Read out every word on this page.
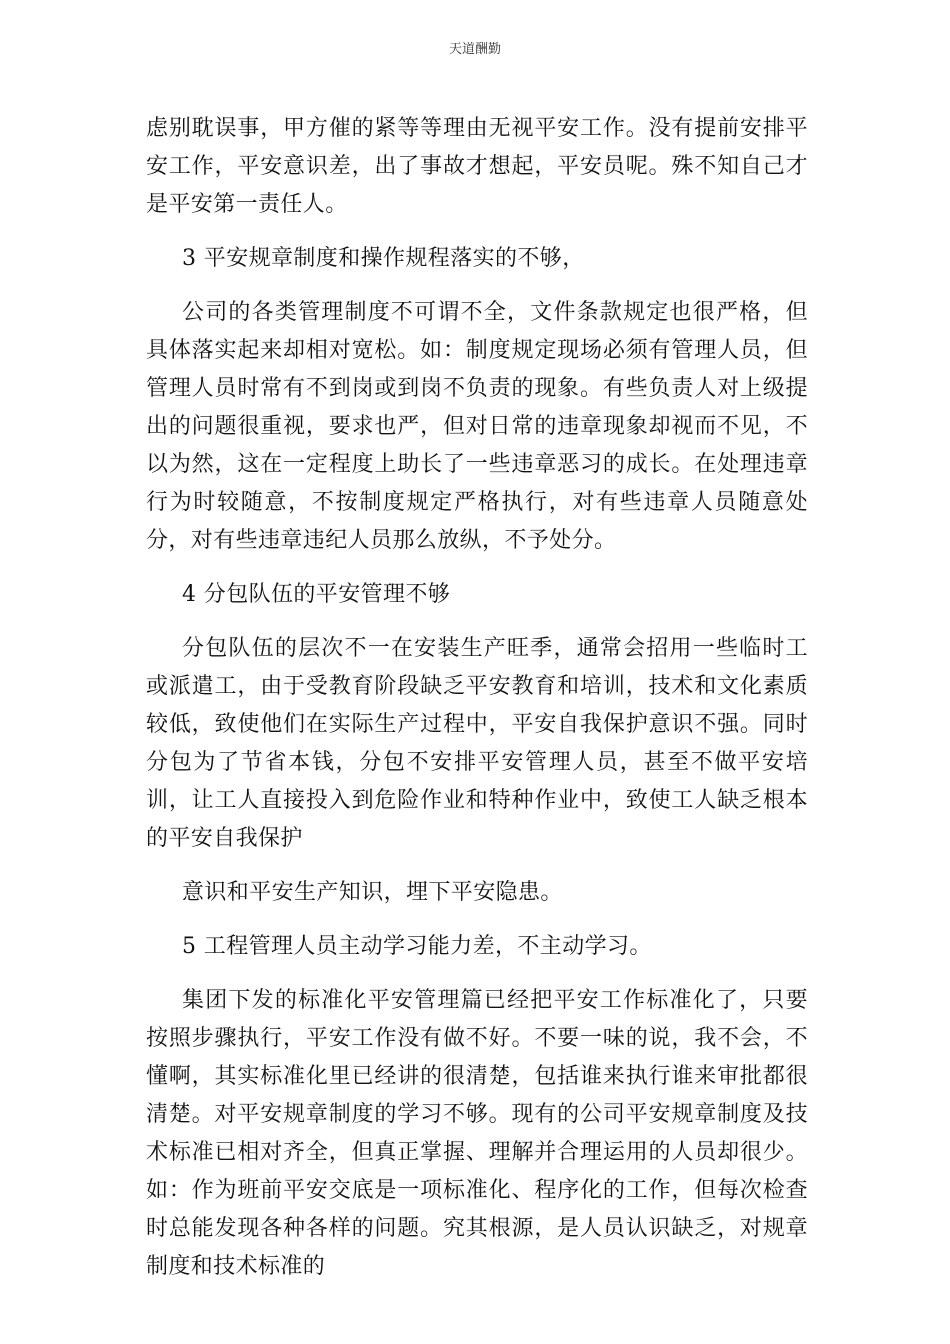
天道酬勤

虑别耽误事，甲方催的紧等等理由无视平安工作。没有提前安排平安工作，平安意识差，出了事故才想起，平安员呢。殊不知自己才是平安第一责任人。

3 平安规章制度和操作规程落实的不够，

公司的各类管理制度不可谓不全，文件条款规定也很严格，但具体落实起来却相对宽松。如：制度规定现场必须有管理人员，但管理人员时常有不到岗或到岗不负责的现象。有些负责人对上级提出的问题很重视，要求也严，但对日常的违章现象却视而不见，不以为然，这在一定程度上助长了一些违章恶习的成长。在处理违章行为时较随意，不按制度规定严格执行，对有些违章人员随意处分，对有些违章违纪人员那么放纵，不予处分。

4 分包队伍的平安管理不够

分包队伍的层次不一在安装生产旺季，通常会招用一些临时工或派遣工，由于受教育阶段缺乏平安教育和培训，技术和文化素质较低，致使他们在实际生产过程中，平安自我保护意识不强。同时分包为了节省本钱，分包不安排平安管理人员，甚至不做平安培训，让工人直接投入到危险作业和特种作业中，致使工人缺乏根本的平安自我保护

意识和平安生产知识，埋下平安隐患。

5 工程管理人员主动学习能力差，不主动学习。

集团下发的标准化平安管理篇已经把平安工作标准化了，只要按照步骤执行，平安工作没有做不好。不要一味的说，我不会，不懂啊，其实标准化里已经讲的很清楚，包括谁来执行谁来审批都很清楚。对平安规章制度的学习不够。现有的公司平安规章制度及技术标准已相对齐全，但真正掌握、理解并合理运用的人员却很少。如：作为班前平安交底是一项标准化、程序化的工作，但每次检查时总能发现各种各样的问题。究其根源，是人员认识缺乏，对规章制度和技术标准的
